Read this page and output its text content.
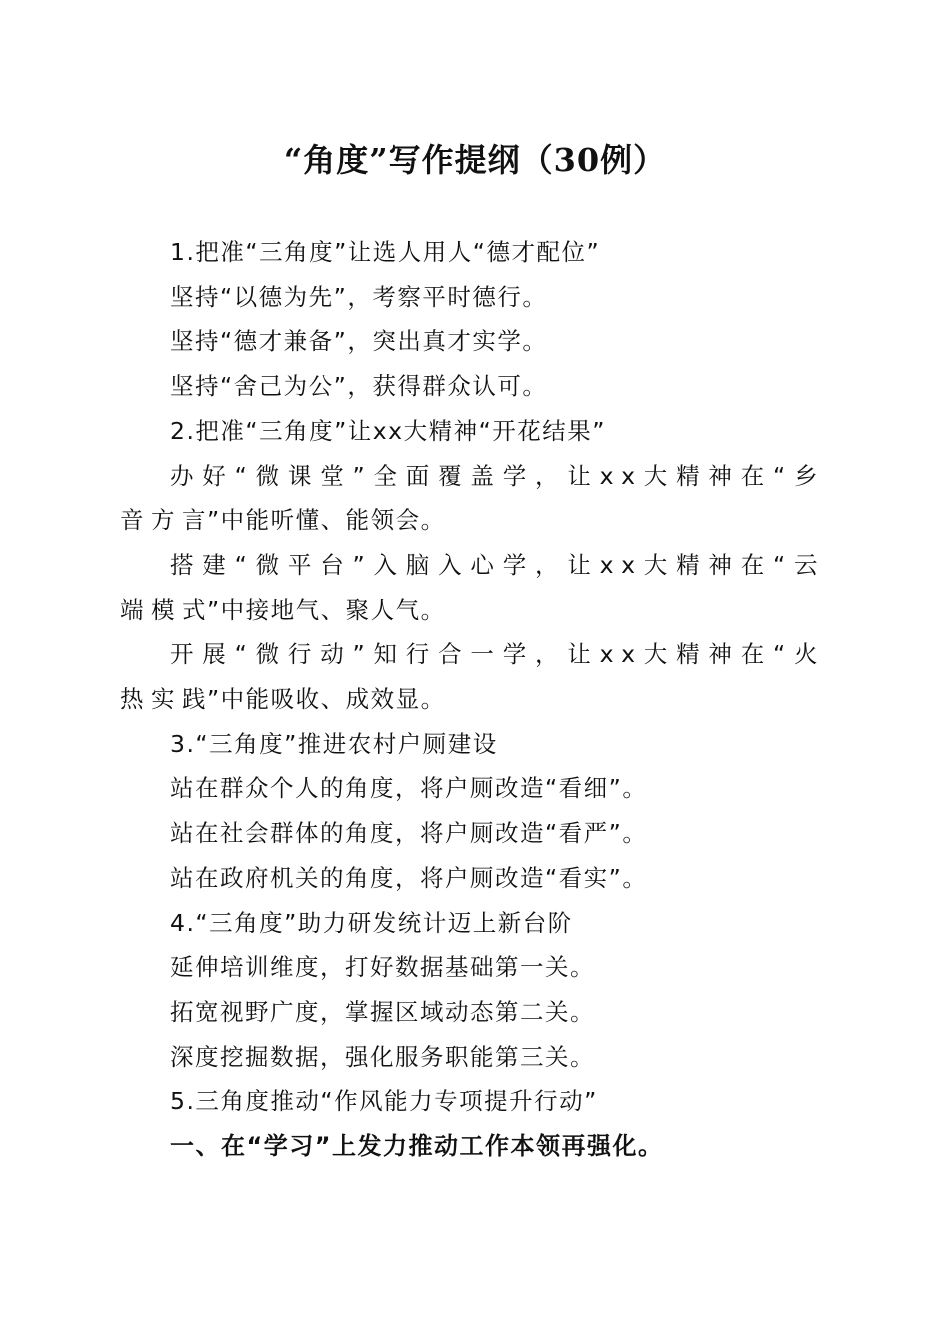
“角度”写作提纲（30例）

1.把准“三角度”让选人用人“德才配位”

坚持“以德为先”，考察平时德行。

坚持“德才兼备”，突出真才实学。

坚持“舍己为公”，获得群众认可。

2.把准“三角度”让xx大精神“开花结果”

办好“微课堂”全面覆盖学，让xx大精神在“乡音方言”中能听懂、能领会。

搭建“微平台”入脑入心学，让xx大精神在“云端模式”中接地气、聚人气。

开展“微行动”知行合一学，让xx大精神在“火热实践”中能吸收、成效显。

3.“三角度”推进农村户厕建设

站在群众个人的角度，将户厕改造“看细”。

站在社会群体的角度，将户厕改造“看严”。

站在政府机关的角度，将户厕改造“看实”。

4.“三角度”助力研发统计迈上新台阶

延伸培训维度，打好数据基础第一关。

拓宽视野广度，掌握区域动态第二关。

深度挖掘数据，强化服务职能第三关。

5.三角度推动“作风能力专项提升行动”

一、在“学习”上发力推动工作本领再强化。
